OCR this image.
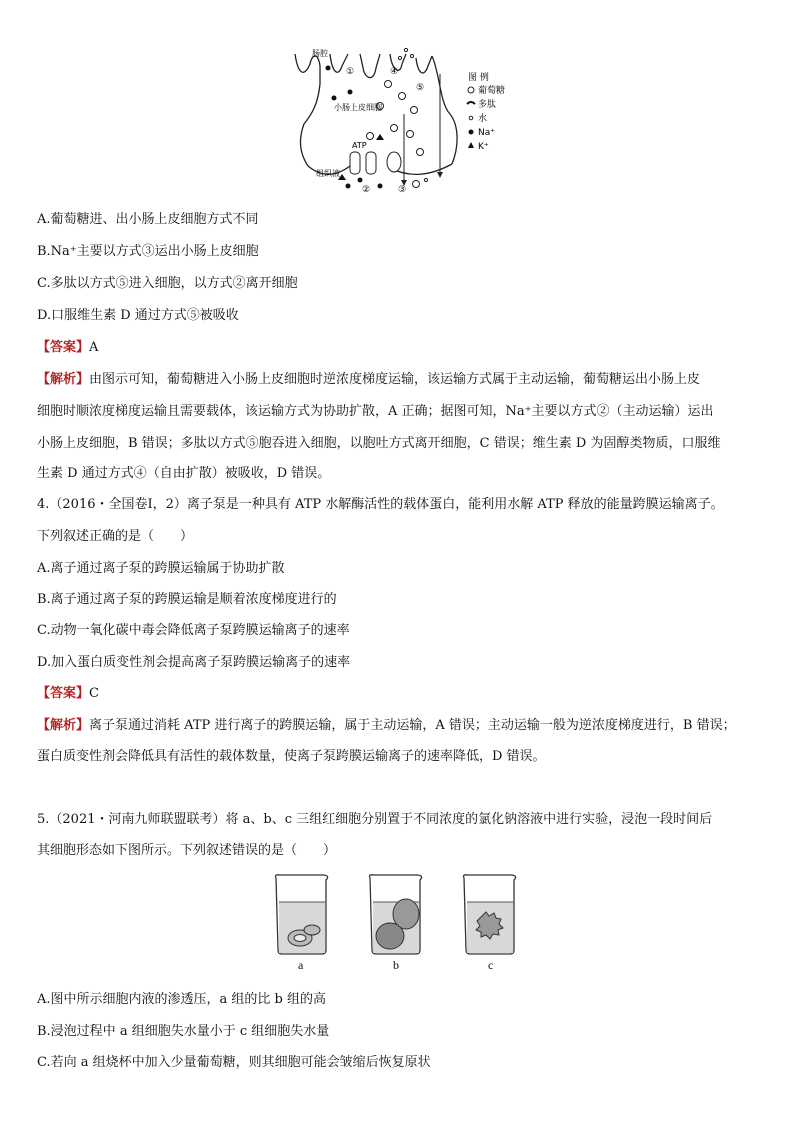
肠腔
小肠上皮细胞
组织液
ATP
①
②	③
④
⑤
图 例
葡萄糖
多肽
水
Na⁺
K⁺
A.葡萄糖进、出小肠上皮细胞方式不同
B.Na⁺主要以方式③运出小肠上皮细胞
C.多肽以方式⑤进入细胞，以方式②离开细胞
D.口服维生素 D 通过方式⑤被吸收
【答案】A
【解析】由图示可知，葡萄糖进入小肠上皮细胞时逆浓度梯度运输，该运输方式属于主动运输，葡萄糖运出小肠上皮
细胞时顺浓度梯度运输且需要载体，该运输方式为协助扩散，A 正确；据图可知，Na⁺主要以方式②（主动运输）运出
小肠上皮细胞，B 错误；多肽以方式⑤胞吞进入细胞，以胞吐方式离开细胞，C 错误；维生素 D 为固醇类物质，口服维
生素 D 通过方式④（自由扩散）被吸收，D 错误。
4.（2016・全国卷Ⅰ，2）离子泵是一种具有 ATP 水解酶活性的载体蛋白，能利用水解 ATP 释放的能量跨膜运输离子。
下列叙述正确的是（　　）
A.离子通过离子泵的跨膜运输属于协助扩散
B.离子通过离子泵的跨膜运输是顺着浓度梯度进行的
C.动物一氧化碳中毒会降低离子泵跨膜运输离子的速率
D.加入蛋白质变性剂会提高离子泵跨膜运输离子的速率
【答案】C
【解析】离子泵通过消耗 ATP 进行离子的跨膜运输，属于主动运输，A 错误；主动运输一般为逆浓度梯度进行，B 错误；
蛋白质变性剂会降低具有活性的载体数量，使离子泵跨膜运输离子的速率降低，D 错误。
5.（2021・河南九师联盟联考）将 a、b、c 三组红细胞分别置于不同浓度的氯化钠溶液中进行实验，浸泡一段时间后
其细胞形态如下图所示。下列叙述错误的是（　　）
a	b	c
A.图中所示细胞内液的渗透压，a 组的比 b 组的高
B.浸泡过程中 a 组细胞失水量小于 c 组细胞失水量
C.若向 a 组烧杯中加入少量葡萄糖，则其细胞可能会皱缩后恢复原状
